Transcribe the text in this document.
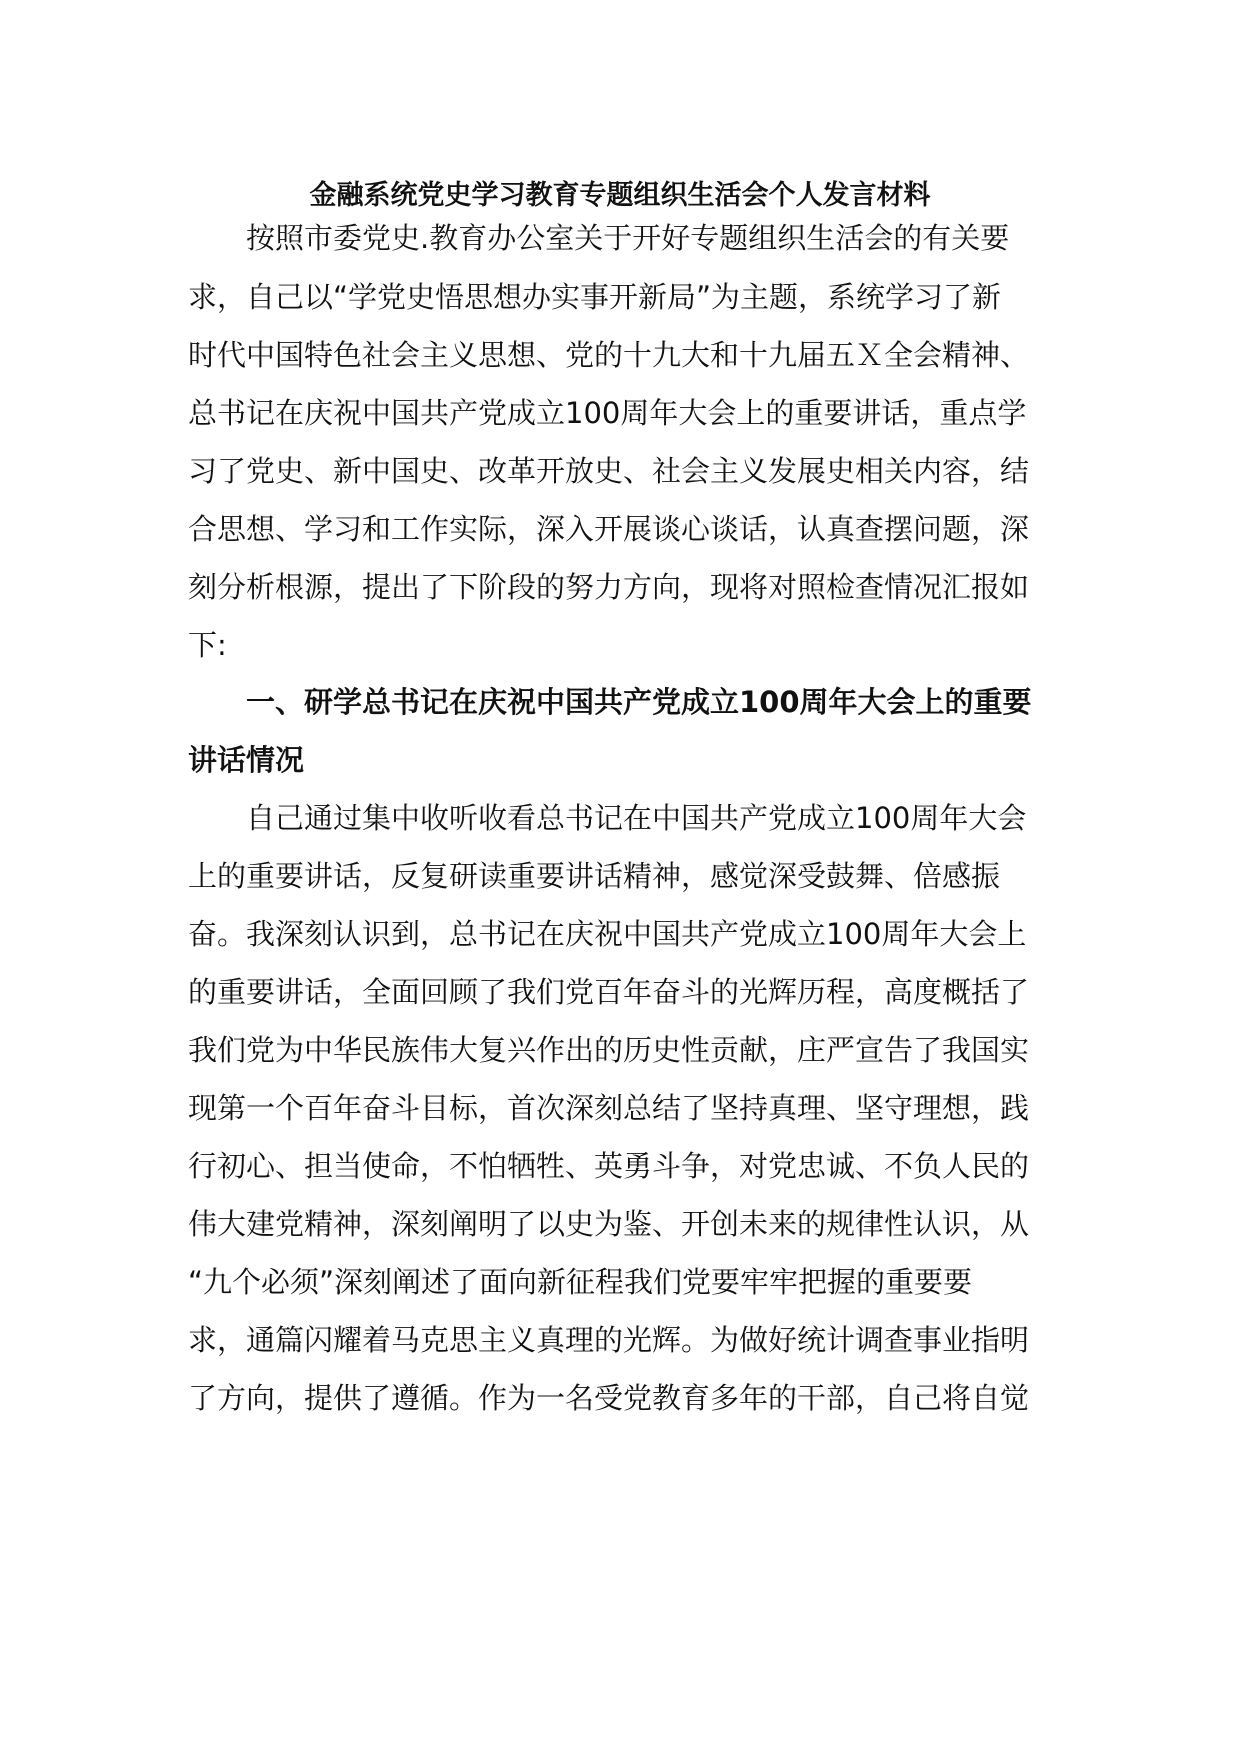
金融系统党史学习教育专题组织生活会个人发言材料

按照市委党史.教育办公室关于开好专题组织生活会的有关要

求，自己以“学党史悟思想办实事开新局”为主题，系统学习了新

时代中国特色社会主义思想、党的十九大和十九届五Ｘ全会精神、

总书记在庆祝中国共产党成立100周年大会上的重要讲话，重点学

习了党史、新中国史、改革开放史、社会主义发展史相关内容，结

合思想、学习和工作实际，深入开展谈心谈话，认真查摆问题，深

刻分析根源，提出了下阶段的努力方向，现将对照检查情况汇报如

下:

一、研学总书记在庆祝中国共产党成立100周年大会上的重要

讲话情况

自己通过集中收听收看总书记在中国共产党成立100周年大会

上的重要讲话，反复研读重要讲话精神，感觉深受鼓舞、倍感振

奋。我深刻认识到，总书记在庆祝中国共产党成立100周年大会上

的重要讲话，全面回顾了我们党百年奋斗的光辉历程，高度概括了

我们党为中华民族伟大复兴作出的历史性贡献，庄严宣告了我国实

现第一个百年奋斗目标，首次深刻总结了坚持真理、坚守理想，践

行初心、担当使命，不怕牺牲、英勇斗争，对党忠诚、不负人民的

伟大建党精神，深刻阐明了以史为鉴、开创未来的规律性认识，从

“九个必须”深刻阐述了面向新征程我们党要牢牢把握的重要要

求，通篇闪耀着马克思主义真理的光辉。为做好统计调查事业指明

了方向，提供了遵循。作为一名受党教育多年的干部，自己将自觉
